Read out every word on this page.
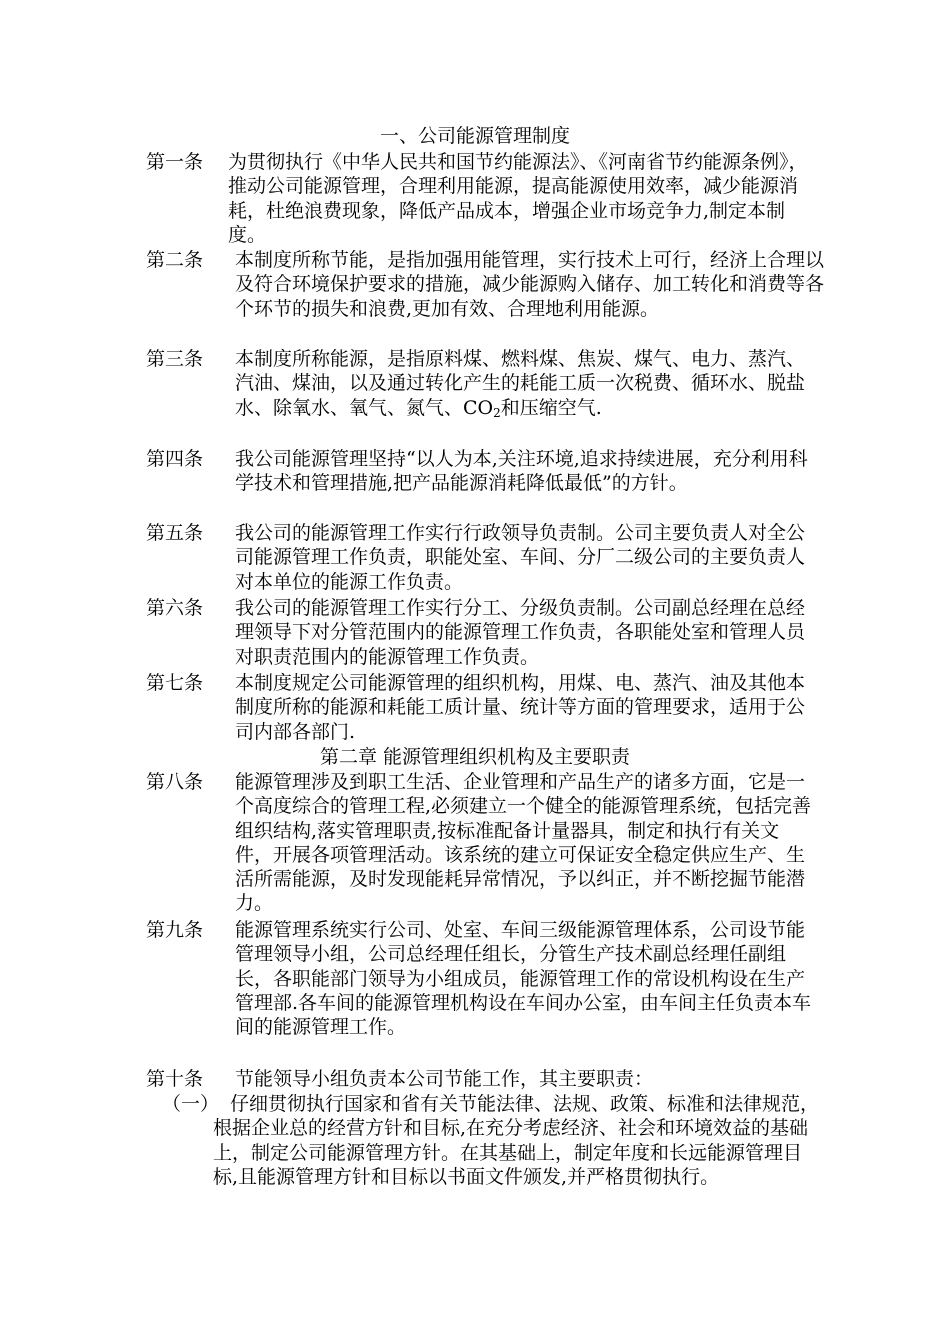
一、公司能源管理制度
第一条	为贯彻执行《中华人民共和国节约能源法》、《河南省节约能源条例》，推动公司能源管理，合理利用能源，提高能源使用效率，减少能源消耗，杜绝浪费现象，降低产品成本，增强企业市场竞争力,制定本制度。
第二条	本制度所称节能，是指加强用能管理，实行技术上可行，经济上合理以及符合环境保护要求的措施，减少能源购入储存、加工转化和消费等各个环节的损失和浪费,更加有效、合理地利用能源。
第三条	本制度所称能源，是指原料煤、燃料煤、焦炭、煤气、电力、蒸汽、汽油、煤油，以及通过转化产生的耗能工质一次税费、循环水、脱盐水、除氧水、氧气、氮气、$CO_2$和压缩空气.
第四条	我公司能源管理坚持“以人为本,关注环境,追求持续进展，充分利用科学技术和管理措施,把产品能源消耗降低最低”的方针。
第五条	我公司的能源管理工作实行行政领导负责制。公司主要负责人对全公司能源管理工作负责，职能处室、车间、分厂二级公司的主要负责人对本单位的能源工作负责。
第六条	我公司的能源管理工作实行分工、分级负责制。公司副总经理在总经理领导下对分管范围内的能源管理工作负责，各职能处室和管理人员对职责范围内的能源管理工作负责。
第七条	本制度规定公司能源管理的组织机构，用煤、电、蒸汽、油及其他本制度所称的能源和耗能工质计量、统计等方面的管理要求，适用于公司内部各部门.
第二章 能源管理组织机构及主要职责
第八条	能源管理涉及到职工生活、企业管理和产品生产的诸多方面，它是一个高度综合的管理工程,必须建立一个健全的能源管理系统，包括完善组织结构,落实管理职责,按标准配备计量器具，制定和执行有关文件，开展各项管理活动。该系统的建立可保证安全稳定供应生产、生活所需能源，及时发现能耗异常情况，予以纠正，并不断挖掘节能潜力。
第九条	能源管理系统实行公司、处室、车间三级能源管理体系，公司设节能管理领导小组，公司总经理任组长，分管生产技术副总经理任副组长，各职能部门领导为小组成员，能源管理工作的常设机构设在生产管理部.各车间的能源管理机构设在车间办公室，由车间主任负责本车间的能源管理工作。
第十条	节能领导小组负责本公司节能工作，其主要职责：
（一） 仔细贯彻执行国家和省有关节能法律、法规、政策、标准和法律规范，根据企业总的经营方针和目标,在充分考虑经济、社会和环境效益的基础上，制定公司能源管理方针。在其基础上，制定年度和长远能源管理目标,且能源管理方针和目标以书面文件颁发,并严格贯彻执行。
